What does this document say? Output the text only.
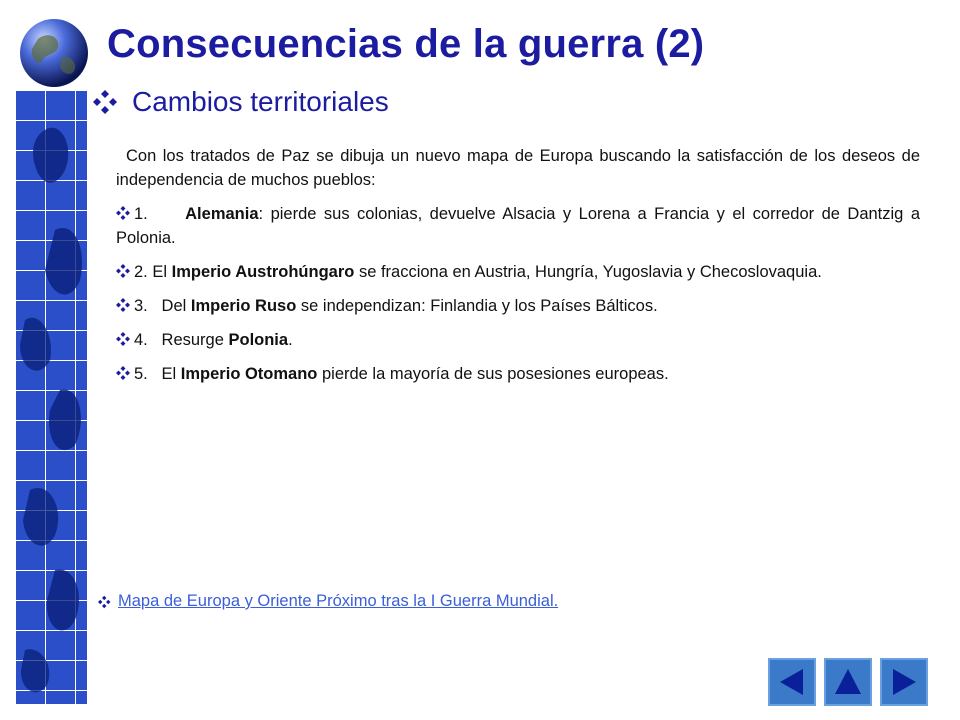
Consecuencias de la guerra (2)
Cambios territoriales

Con los tratados de Paz se dibuja un nuevo mapa de Europa buscando la satisfacción de los deseos de independencia de muchos pueblos:

1. Alemania: pierde sus colonias, devuelve Alsacia y Lorena a Francia y el corredor de Dantzig a Polonia.

2. El Imperio Austrohúngaro se fracciona en Austria, Hungría, Yugoslavia y Checoslovaquia.

3. Del Imperio Ruso se independizan: Finlandia y los Países Bálticos.

4. Resurge Polonia.

5. El Imperio Otomano pierde la mayoría de sus posesiones europeas.

Mapa de Europa y Oriente Próximo tras la I Guerra Mundial.
